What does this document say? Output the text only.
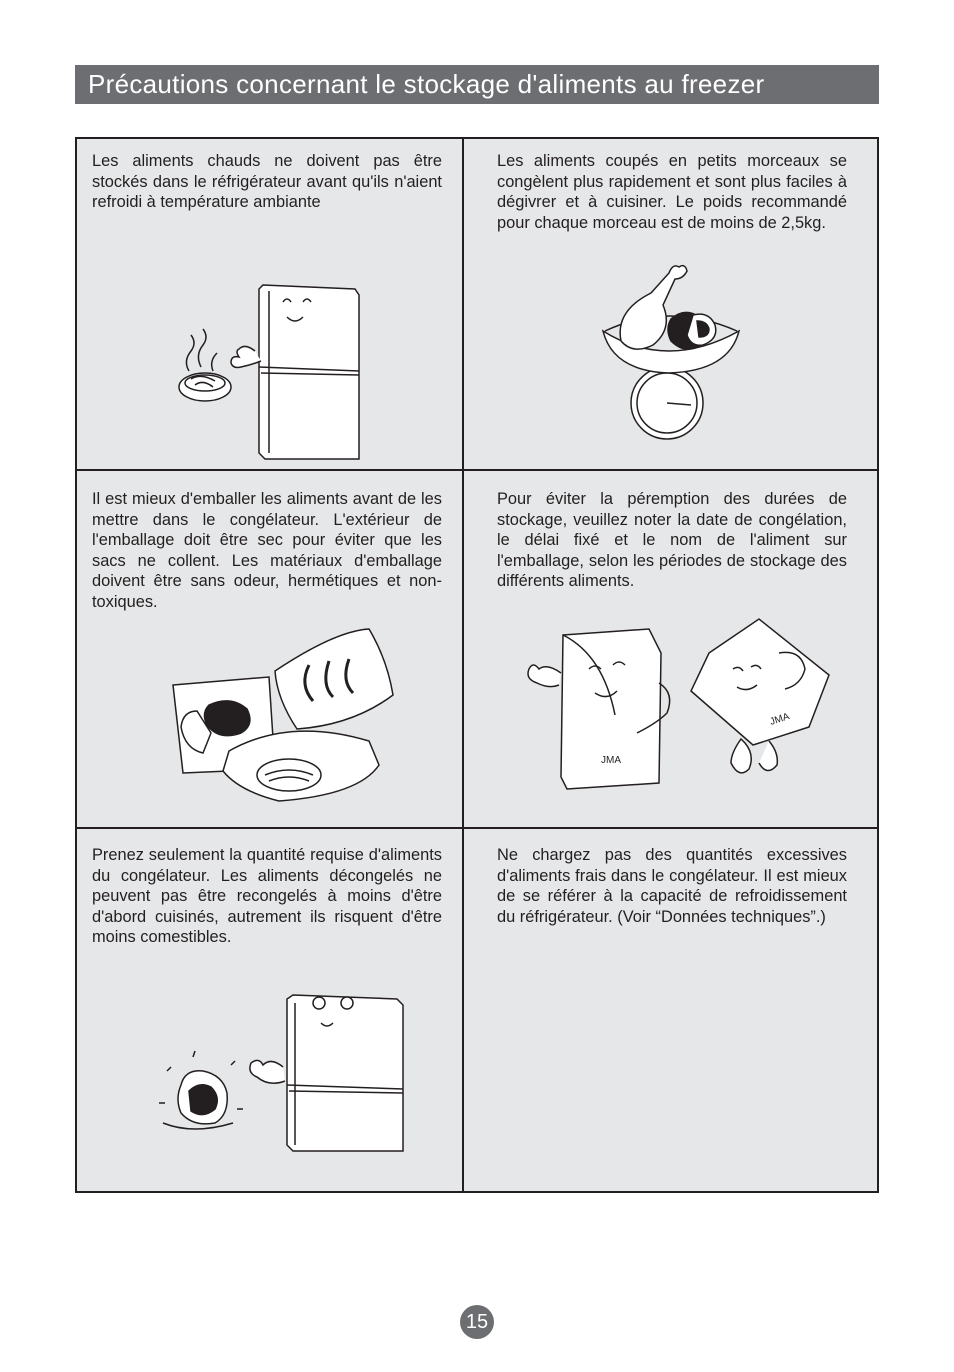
Précautions concernant le stockage d'aliments au freezer

Les aliments chauds ne doivent pas être stockés dans le réfrigérateur avant qu'ils n'aient refroidi à température ambiante

Les aliments coupés en petits morceaux se congèlent plus rapidement et sont plus faciles à dégivrer et à cuisiner. Le poids recommandé pour chaque morceau est de moins de 2,5kg.

Il est mieux d'emballer les aliments avant de les mettre dans le congélateur. L'extérieur de l'emballage doit être sec pour éviter que les sacs ne collent. Les matériaux d'emballage doivent être sans odeur, hermétiques et non-toxiques.

Pour éviter la péremption des durées de stockage, veuillez noter la date de congélation, le délai fixé et le nom de l'aliment sur l'emballage, selon les périodes de stockage des différents aliments.

JMA
JMA

Prenez seulement la quantité requise d'aliments du congélateur. Les aliments décongelés ne peuvent pas être recongelés à moins d'être d'abord cuisinés, autrement ils risquent d'être moins comestibles.

Ne chargez pas des quantités excessives d'aliments frais dans le congélateur. Il est mieux de se référer à la capacité de refroidissement du réfrigérateur. (Voir “Données techniques”.)

15
